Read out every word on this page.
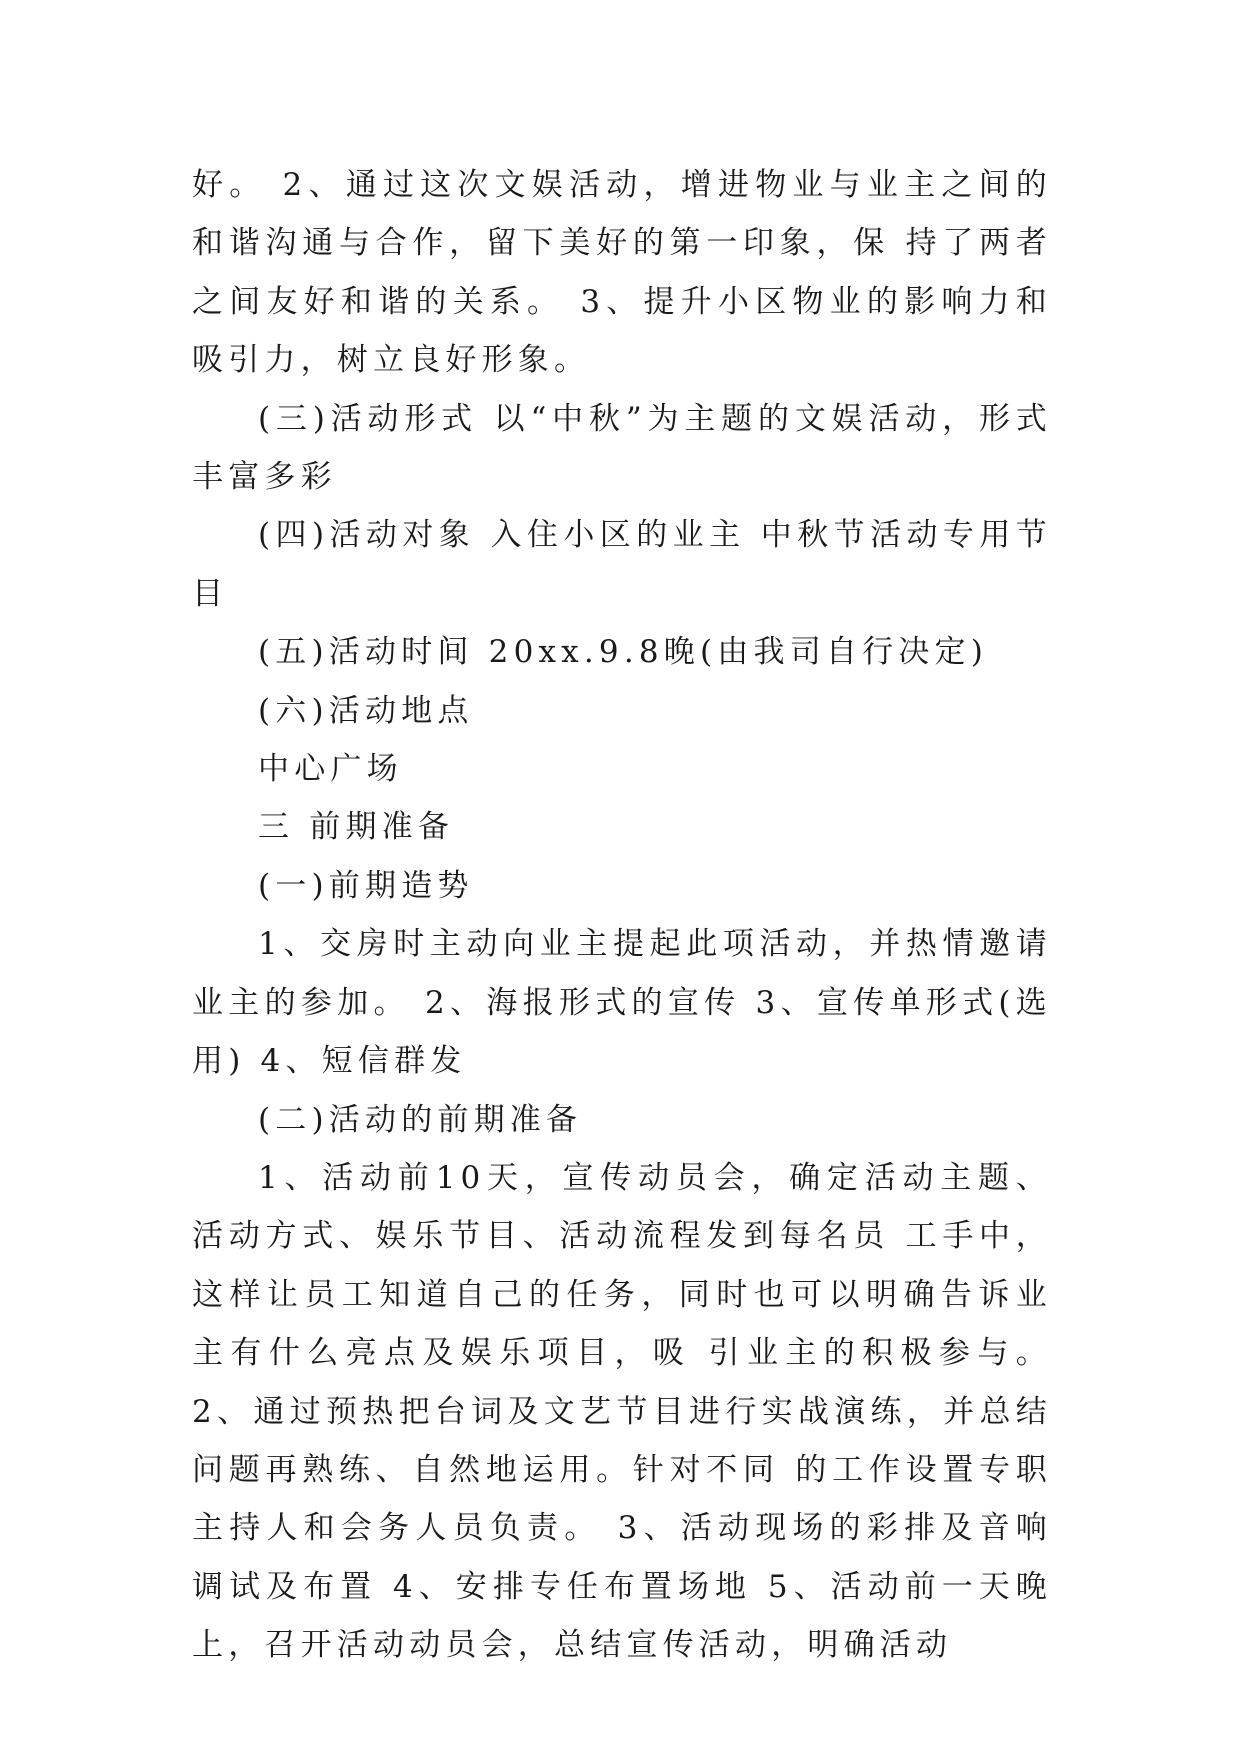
好。 2、通过这次文娱活动，增进物业与业主之间的和谐沟通与合作，留下美好的第一印象，保 持了两者之间友好和谐的关系。 3、提升小区物业的影响力和吸引力，树立良好形象。

(三)活动形式 以“中秋”为主题的文娱活动，形式丰富多彩

(四)活动对象 入住小区的业主 中秋节活动专用节目

(五)活动时间 20xx.9.8晚(由我司自行决定)

(六)活动地点

中心广场

三 前期准备

(一)前期造势

1、交房时主动向业主提起此项活动，并热情邀请业主的参加。 2、海报形式的宣传 3、宣传单形式(选用) 4、短信群发

(二)活动的前期准备

1、活动前10天，宣传动员会，确定活动主题、活动方式、娱乐节目、活动流程发到每名员 工手中，这样让员工知道自己的任务，同时也可以明确告诉业主有什么亮点及娱乐项目，吸 引业主的积极参与。 2、通过预热把台词及文艺节目进行实战演练，并总结问题再熟练、自然地运用。针对不同 的工作设置专职主持人和会务人员负责。 3、活动现场的彩排及音响调试及布置 4、安排专任布置场地 5、活动前一天晚上，召开活动动员会，总结宣传活动，明确活动
